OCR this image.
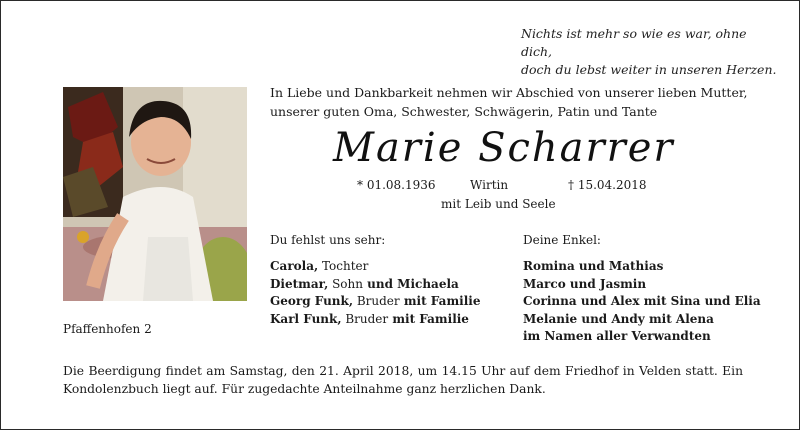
Nichts ist mehr so wie es war, ohne dich,
doch du lebst weiter in unseren Herzen.
In Liebe und Dankbarkeit nehmen wir Abschied von unserer lieben Mutter,
unserer guten Oma, Schwester, Schwägerin, Patin und Tante
Marie Scharrer
* 01.08.1936	Wirtin	† 15.04.2018
mit Leib und Seele
Du fehlst uns sehr:	Deine Enkel:
Carola, Tochter
Dietmar, Sohn und Michaela
Georg Funk, Bruder mit Familie
Karl Funk, Bruder mit Familie
Romina und Mathias
Marco und Jasmin
Corinna und Alex mit Sina und Elia
Melanie und Andy mit Alena
im Namen aller Verwandten
Pfaffenhofen 2
Die Beerdigung findet am Samstag, den 21. April 2018, um 14.15 Uhr auf dem Friedhof in Velden statt. Ein Kondolenzbuch liegt auf. Für zugedachte Anteilnahme ganz herzlichen Dank.
